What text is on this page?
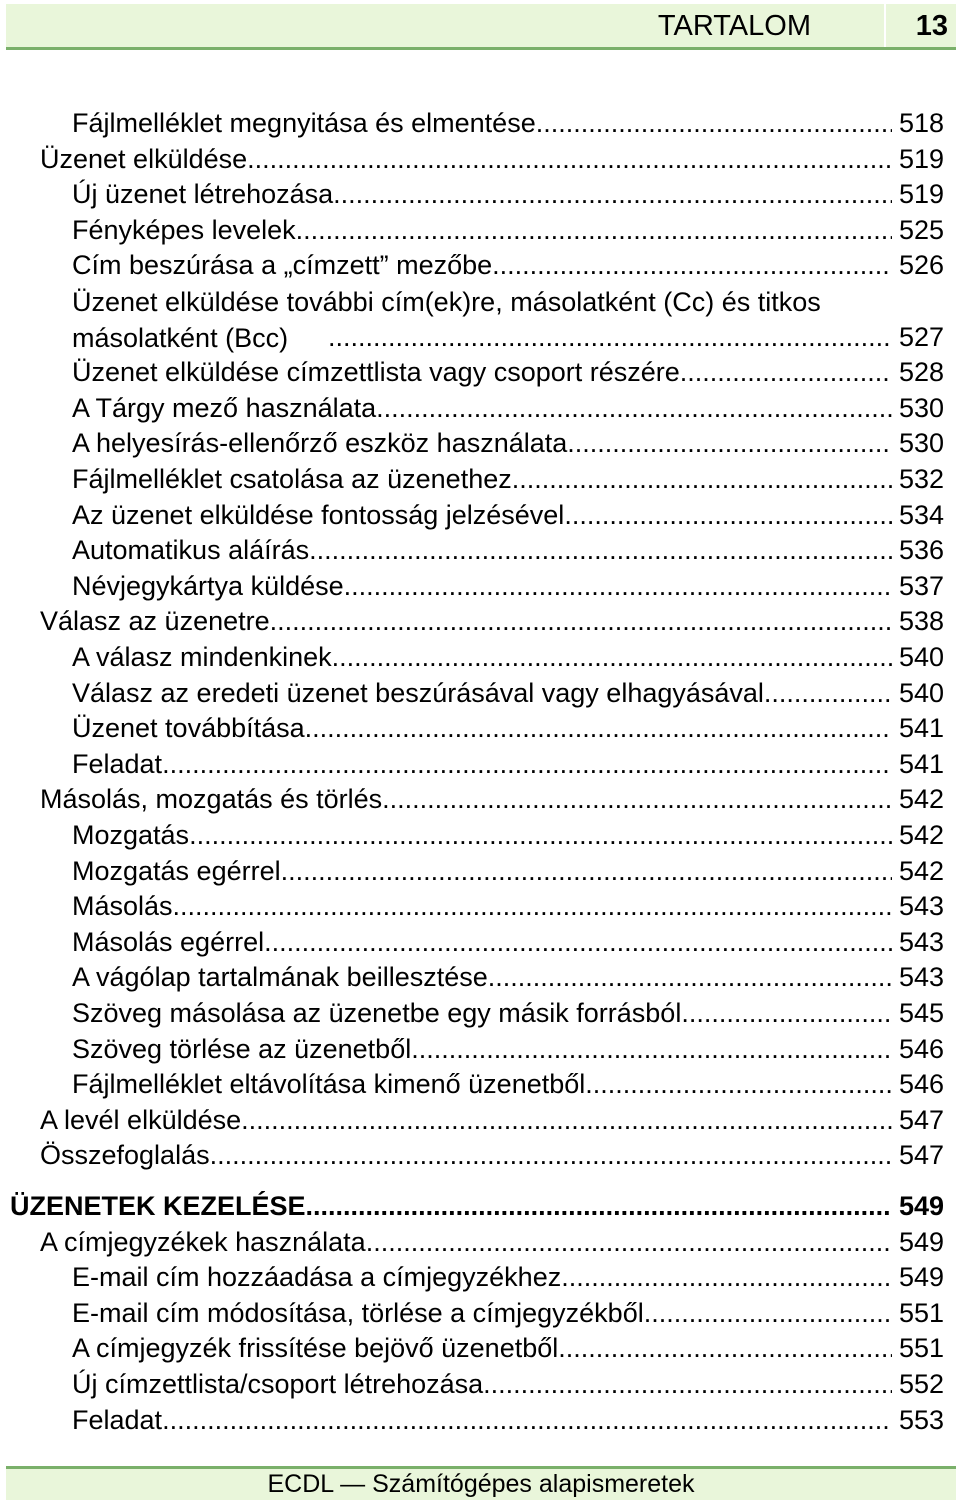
TARTALOM	13
Fájlmelléklet megnyitása és elmentése .....	518
Üzenet elküldése .....	519
Új üzenet létrehozása .....	519
Fényképes levelek .....	525
Cím beszúrása a „címzett” mezőbe .....	526
Üzenet elküldése további cím(ek)re, másolatként (Cc) és titkos másolatként (Bcc) .....	527
Üzenet elküldése címzettlista vagy csoport részére .....	528
A Tárgy mező használata .....	530
A helyesírás-ellenőrző eszköz használata .....	530
Fájlmelléklet csatolása az üzenethez .....	532
Az üzenet elküldése fontosság jelzésével .....	534
Automatikus aláírás .....	536
Névjegykártya küldése .....	537
Válasz az üzenetre .....	538
A válasz mindenkinek .....	540
Válasz az eredeti üzenet beszúrásával vagy elhagyásával .....	540
Üzenet továbbítása .....	541
Feladat .....	541
Másolás, mozgatás és törlés .....	542
Mozgatás .....	542
Mozgatás egérrel .....	542
Másolás .....	543
Másolás egérrel .....	543
A vágólap tartalmának beillesztése .....	543
Szöveg másolása az üzenetbe egy másik forrásból .....	545
Szöveg törlése az üzenetből .....	546
Fájlmelléklet eltávolítása kimenő üzenetből .....	546
A levél elküldése .....	547
Összefoglalás .....	547
ÜZENETEK KEZELÉSE .....	549
A címjegyzékek használata .....	549
E-mail cím hozzáadása a címjegyzékhez .....	549
E-mail cím módosítása, törlése a címjegyzékből .....	551
A címjegyzék frissítése bejövő üzenetből .....	551
Új címzettlista/csoport létrehozása .....	552
Feladat .....	553
ECDL — Számítógépes alapismeretek
